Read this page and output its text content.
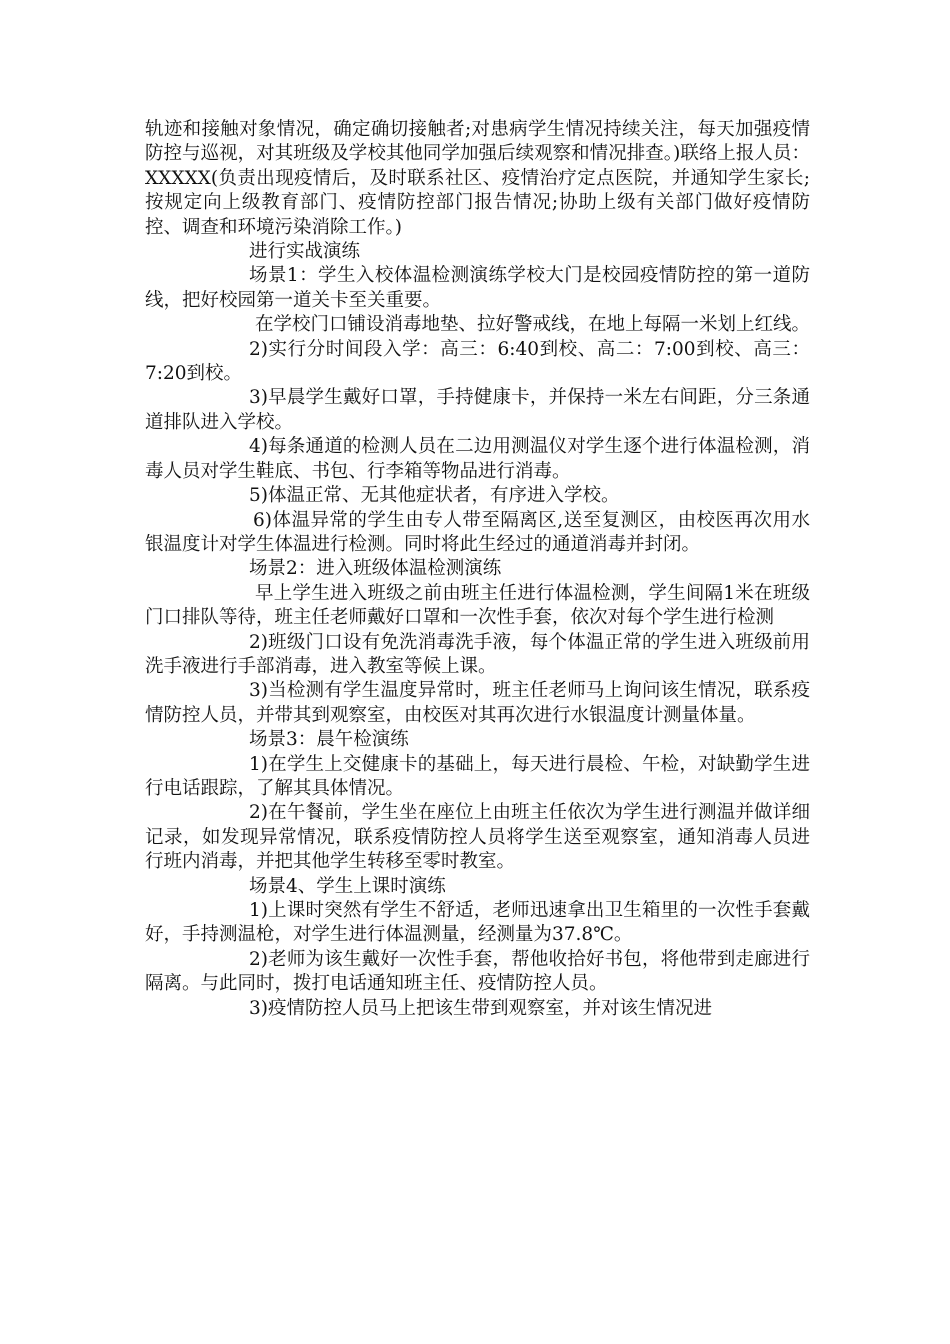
轨迹和接触对象情况，确定确切接触者;对患病学生情况持续关注，每天加强疫情防控与巡视，对其班级及学校其他同学加强后续观察和情况排查。)联络上报人员：XXXXX(负责出现疫情后，及时联系社区、疫情治疗定点医院，并通知学生家长;按规定向上级教育部门、疫情防控部门报告情况;协助上级有关部门做好疫情防控、调查和环境污染消除工作。)

进行实战演练

场景1：学生入校体温检测演练学校大门是校园疫情防控的第一道防线，把好校园第一道关卡至关重要。

在学校门口铺设消毒地垫、拉好警戒线，在地上每隔一米划上红线。

2)实行分时间段入学：高三：6:40到校、高二：7:00到校、高三：7:20到校。

3)早晨学生戴好口罩，手持健康卡，并保持一米左右间距，分三条通道排队进入学校。

4)每条通道的检测人员在二边用测温仪对学生逐个进行体温检测，消毒人员对学生鞋底、书包、行李箱等物品进行消毒。

5)体温正常、无其他症状者，有序进入学校。

6)体温异常的学生由专人带至隔离区,送至复测区，由校医再次用水银温度计对学生体温进行检测。同时将此生经过的通道消毒并封闭。

场景2：进入班级体温检测演练

早上学生进入班级之前由班主任进行体温检测，学生间隔1米在班级门口排队等待，班主任老师戴好口罩和一次性手套，依次对每个学生进行检测

2)班级门口设有免洗消毒洗手液，每个体温正常的学生进入班级前用洗手液进行手部消毒，进入教室等候上课。

3)当检测有学生温度异常时，班主任老师马上询问该生情况，联系疫情防控人员，并带其到观察室，由校医对其再次进行水银温度计测量体量。

场景3：晨午检演练

1)在学生上交健康卡的基础上，每天进行晨检、午检，对缺勤学生进行电话跟踪，了解其具体情况。

2)在午餐前，学生坐在座位上由班主任依次为学生进行测温并做详细记录，如发现异常情况，联系疫情防控人员将学生送至观察室，通知消毒人员进行班内消毒，并把其他学生转移至零时教室。

场景4、学生上课时演练

1)上课时突然有学生不舒适，老师迅速拿出卫生箱里的一次性手套戴好，手持测温枪，对学生进行体温测量，经测量为37.8℃。

2)老师为该生戴好一次性手套，帮他收拾好书包，将他带到走廊进行隔离。与此同时，拨打电话通知班主任、疫情防控人员。

3)疫情防控人员马上把该生带到观察室，并对该生情况进
